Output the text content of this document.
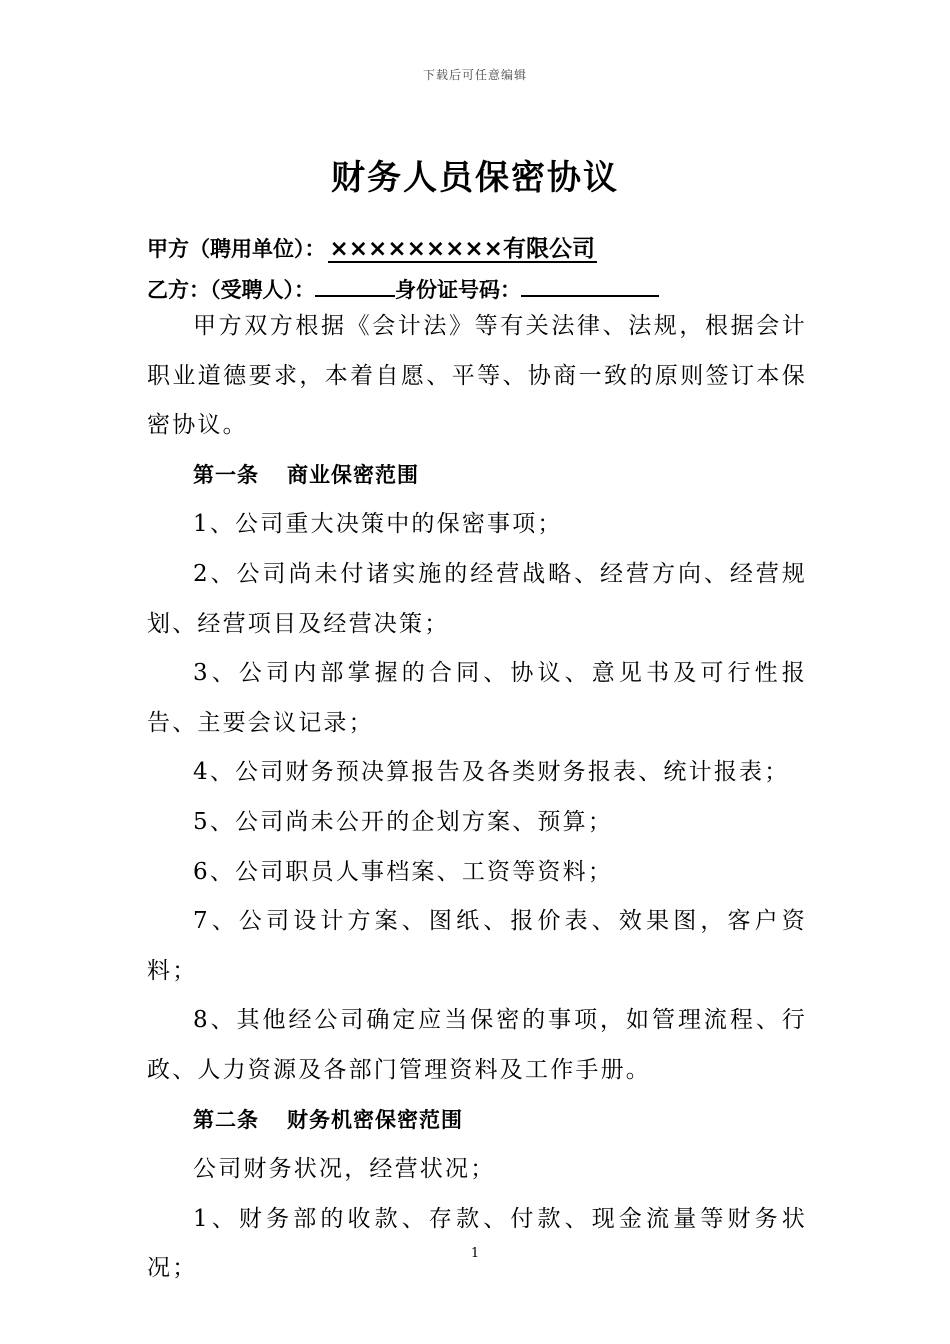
下载后可任意编辑
财务人员保密协议
甲方（聘用单位）： ×××××××××有限公司
乙方：（受聘人）：	身份证号码：

甲方双方根据《会计法》等有关法律、法规，根据会计职业道德要求，本着自愿、平等、协商一致的原则签订本保密协议。

第一条 商业保密范围

1、公司重大决策中的保密事项；

2、公司尚未付诸实施的经营战略、经营方向、经营规划、经营项目及经营决策；

3、公司内部掌握的合同、协议、意见书及可行性报告、主要会议记录；

4、公司财务预决算报告及各类财务报表、统计报表；

5、公司尚未公开的企划方案、预算；

6、公司职员人事档案、工资等资料；

7、公司设计方案、图纸、报价表、效果图，客户资料；

8、其他经公司确定应当保密的事项，如管理流程、行政、人力资源及各部门管理资料及工作手册。

第二条 财务机密保密范围

公司财务状况，经营状况；

1、财务部的收款、存款、付款、现金流量等财务状况；

1
